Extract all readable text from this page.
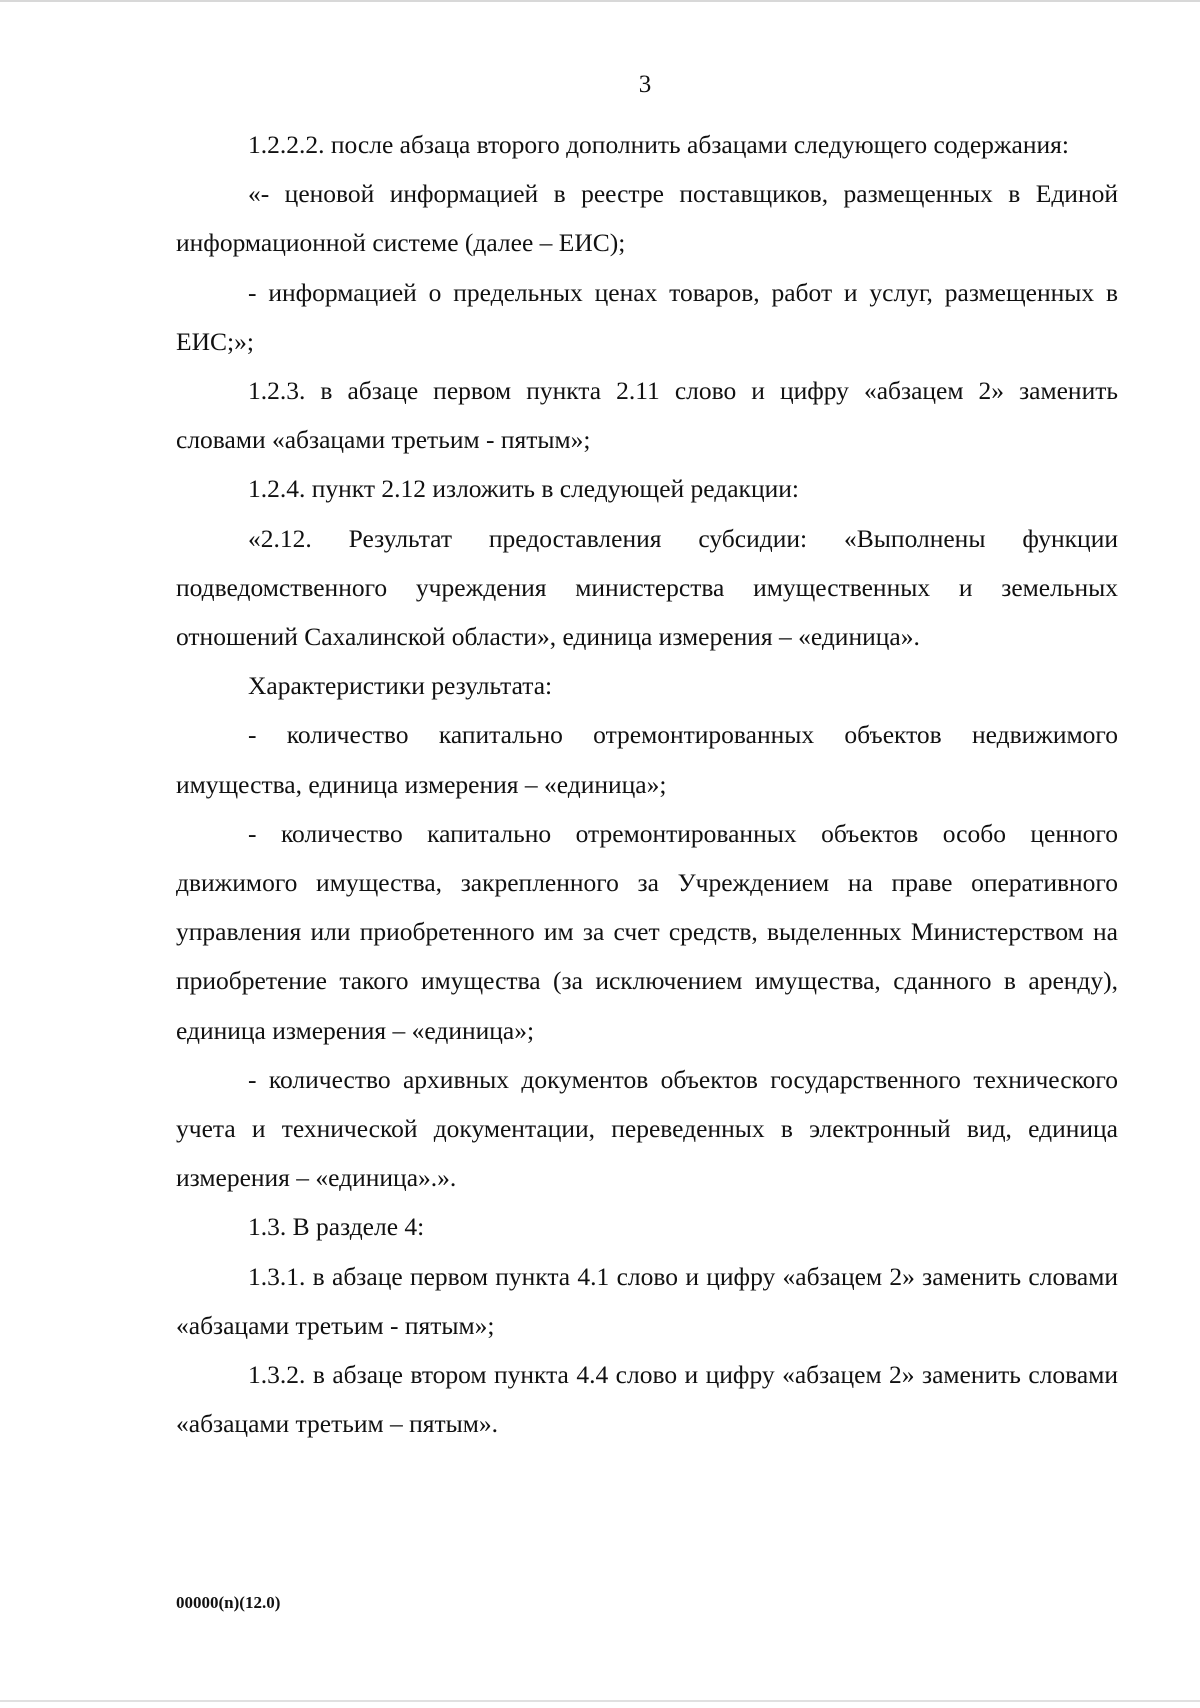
3

1.2.2.2. после абзаца второго дополнить абзацами следующего содержания:

«- ценовой информацией в реестре поставщиков, размещенных в Единой информационной системе (далее – ЕИС);

- информацией о предельных ценах товаров, работ и услуг, размещенных в ЕИС;»;

1.2.3. в абзаце первом пункта 2.11 слово и цифру «абзацем 2» заменить словами «абзацами третьим - пятым»;

1.2.4. пункт 2.12 изложить в следующей редакции:

«2.12. Результат предоставления субсидии: «Выполнены функции подведомственного учреждения министерства имущественных и земельных отношений Сахалинской области», единица измерения – «единица».

Характеристики результата:

- количество капитально отремонтированных объектов недвижимого имущества, единица измерения – «единица»;

- количество капитально отремонтированных объектов особо ценного движимого имущества, закрепленного за Учреждением на праве оперативного управления или приобретенного им за счет средств, выделенных Министерством на приобретение такого имущества (за исключением имущества, сданного в аренду), единица измерения – «единица»;

- количество архивных документов объектов государственного технического учета и технической документации, переведенных в электронный вид, единица измерения – «единица».».

1.3. В разделе 4:

1.3.1. в абзаце первом пункта 4.1 слово и цифру «абзацем 2» заменить словами «абзацами третьим - пятым»;

1.3.2. в абзаце втором пункта 4.4 слово и цифру «абзацем 2» заменить словами «абзацами третьим – пятым».

00000(n)(12.0)
